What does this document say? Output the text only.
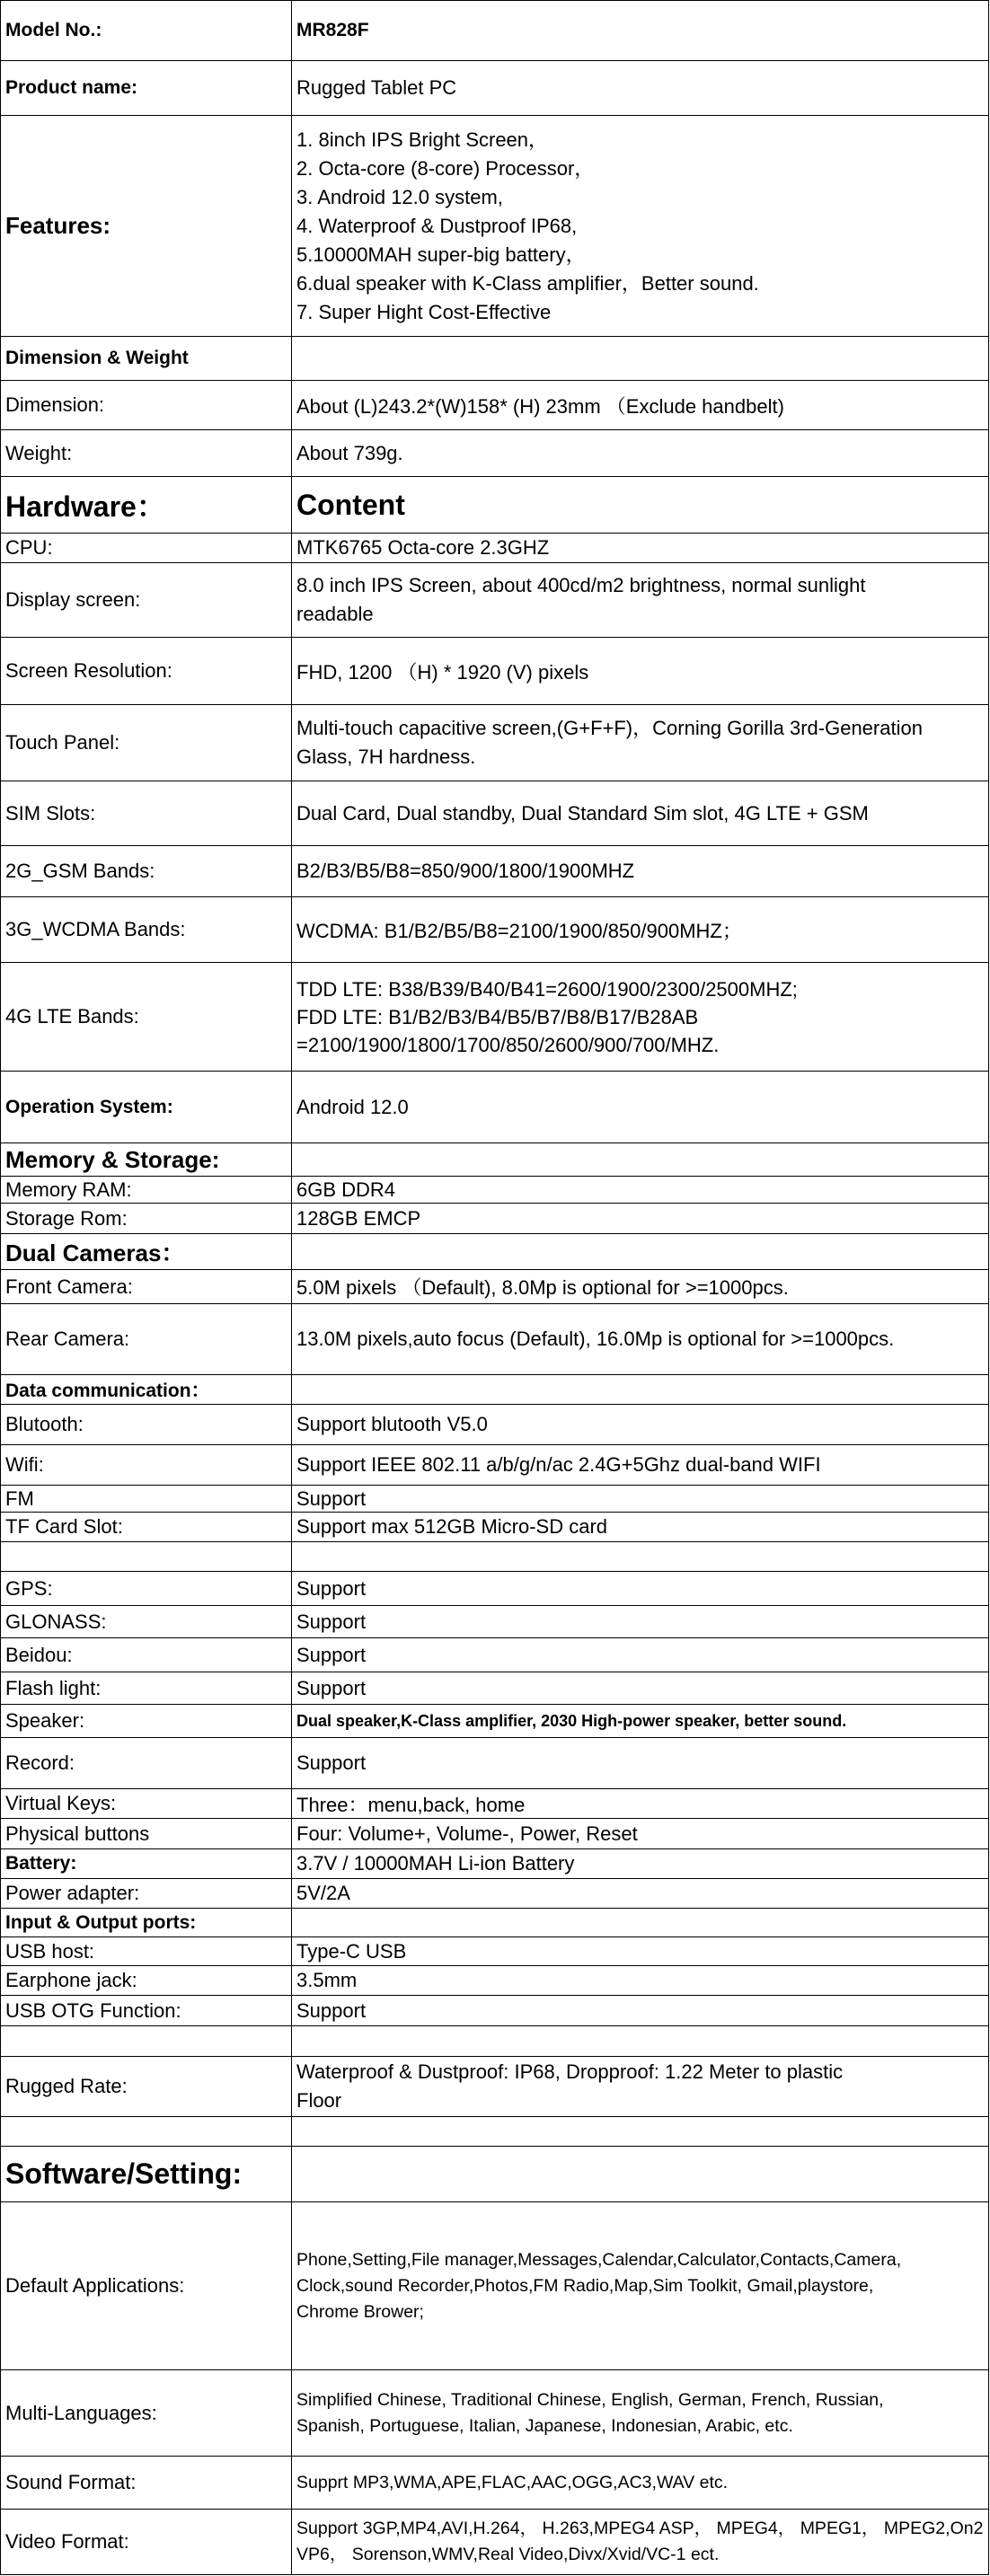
Model No.:	MR828F
Product name:	Rugged Tablet PC
Features:
1. 8inch IPS Bright Screen，
2. Octa-core (8-core) Processor，
3. Android 12.0 system,
4. Waterproof & Dustproof IP68,
5.10000MAH super-big battery，
6.dual speaker with K-Class amplifier，Better sound.
7. Super Hight Cost-Effective
Dimension & Weight
Dimension:	About (L)243.2*(W)158* (H) 23mm （Exclude handbelt)
Weight:	About 739g.
Hardware：	Content
CPU:	MTK6765 Octa-core 2.3GHZ
Display screen:
8.0 inch IPS Screen, about 400cd/m2 brightness, normal sunlight
readable
Screen Resolution:	FHD, 1200 （H) * 1920 (V) pixels
Touch Panel:
Multi-touch capacitive screen,(G+F+F)，Corning Gorilla 3rd-Generation
Glass, 7H hardness.
SIM Slots:	Dual Card, Dual standby, Dual Standard Sim slot, 4G LTE + GSM
2G_GSM Bands:	B2/B3/B5/B8=850/900/1800/1900MHZ
3G_WCDMA Bands:	WCDMA: B1/B2/B5/B8=2100/1900/850/900MHZ；
4G LTE Bands:
TDD LTE: B38/B39/B40/B41=2600/1900/2300/2500MHZ;
FDD LTE: B1/B2/B3/B4/B5/B7/B8/B17/B28AB
=2100/1900/1800/1700/850/2600/900/700/MHZ.
Operation System:	Android 12.0
Memory & Storage:
Memory RAM:	6GB DDR4
Storage Rom:	128GB EMCP
Dual Cameras：
Front Camera:	5.0M pixels （Default), 8.0Mp is optional for >=1000pcs.
Rear Camera:	13.0M pixels,auto focus (Default), 16.0Mp is optional for >=1000pcs.
Data communication：
Blutooth:	Support blutooth V5.0
Wifi:	Support IEEE 802.11 a/b/g/n/ac 2.4G+5Ghz dual-band WIFI
FM	Support
TF Card Slot:	Support max 512GB Micro-SD card
GPS:	Support
GLONASS:	Support
Beidou:	Support
Flash light:	Support
Speaker:	Dual speaker,K-Class amplifier, 2030 High-power speaker, better sound.
Record:	Support
Virtual Keys:	Three：menu,back, home
Physical buttons	Four: Volume+, Volume-, Power, Reset
Battery:	3.7V / 10000MAH Li-ion Battery
Power adapter:	5V/2A
Input & Output ports:
USB host:	Type-C USB
Earphone jack:	3.5mm
USB OTG Function:	Support
Rugged Rate:
Waterproof & Dustproof: IP68, Dropproof: 1.22 Meter to plastic
Floor
Software/Setting:
Default Applications:
Phone,Setting,File manager,Messages,Calendar,Calculator,Contacts,Camera,
Clock,sound Recorder,Photos,FM Radio,Map,Sim Toolkit, Gmail,playstore,
Chrome Brower;
Multi-Languages:
Simplified Chinese, Traditional Chinese, English, German, French, Russian,
Spanish, Portuguese, Italian, Japanese, Indonesian, Arabic, etc.
Sound Format:	Supprt MP3,WMA,APE,FLAC,AAC,OGG,AC3,WAV etc.
Video Format:
Support 3GP,MP4,AVI,H.264， H.263,MPEG4 ASP， MPEG4， MPEG1， MPEG2,On2
VP6， Sorenson,WMV,Real Video,Divx/Xvid/VC-1 ect.
